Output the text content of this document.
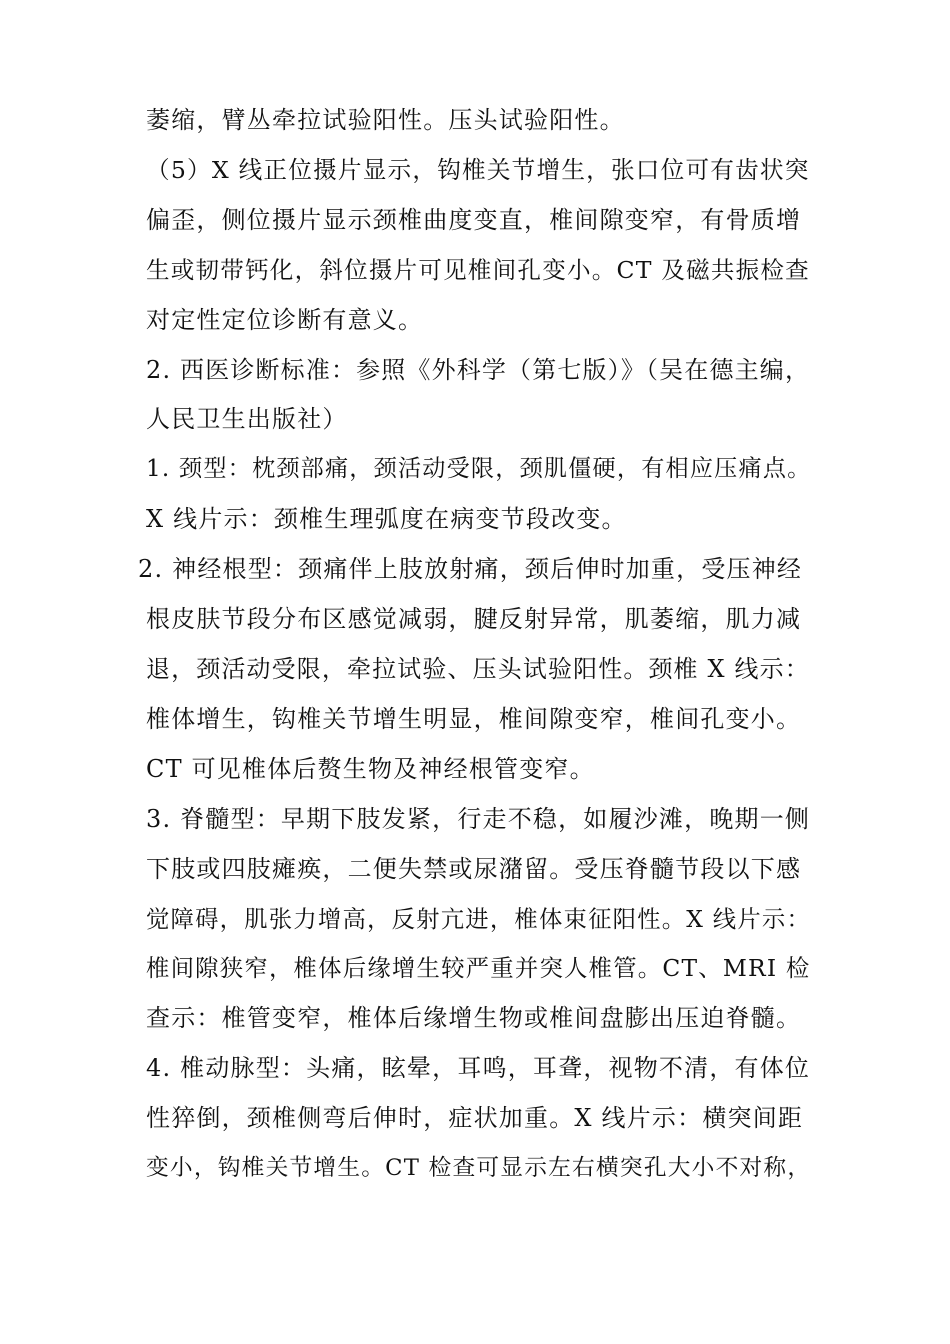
萎缩，臂丛牵拉试验阳性。压头试验阳性。
（5）X 线正位摄片显示，钩椎关节增生，张口位可有齿状突
偏歪，侧位摄片显示颈椎曲度变直，椎间隙变窄，有骨质增
生或韧带钙化，斜位摄片可见椎间孔变小。CT 及磁共振检查
对定性定位诊断有意义。
2. 西医诊断标准：参照《外科学（第七版）》（吴在德主编，
人民卫生出版社）
1. 颈型：枕颈部痛，颈活动受限，颈肌僵硬，有相应压痛点。
X 线片示：颈椎生理弧度在病变节段改变。
2. 神经根型：颈痛伴上肢放射痛，颈后伸时加重，受压神经
根皮肤节段分布区感觉减弱，腱反射异常，肌萎缩，肌力减
退，颈活动受限，牵拉试验、压头试验阳性。颈椎 X 线示：
椎体增生，钩椎关节增生明显，椎间隙变窄，椎间孔变小。
CT 可见椎体后赘生物及神经根管变窄。
3. 脊髓型：早期下肢发紧，行走不稳，如履沙滩，晚期一侧
下肢或四肢瘫痪，二便失禁或尿潴留。受压脊髓节段以下感
觉障碍，肌张力增高，反射亢进，椎体束征阳性。X 线片示：
椎间隙狭窄，椎体后缘增生较严重并突人椎管。CT、MRI 检
查示：椎管变窄，椎体后缘增生物或椎间盘膨出压迫脊髓。
4. 椎动脉型：头痛，眩晕，耳鸣，耳聋，视物不清，有体位
性猝倒，颈椎侧弯后伸时，症状加重。X 线片示：横突间距
变小，钩椎关节增生。CT 检查可显示左右横突孔大小不对称，
